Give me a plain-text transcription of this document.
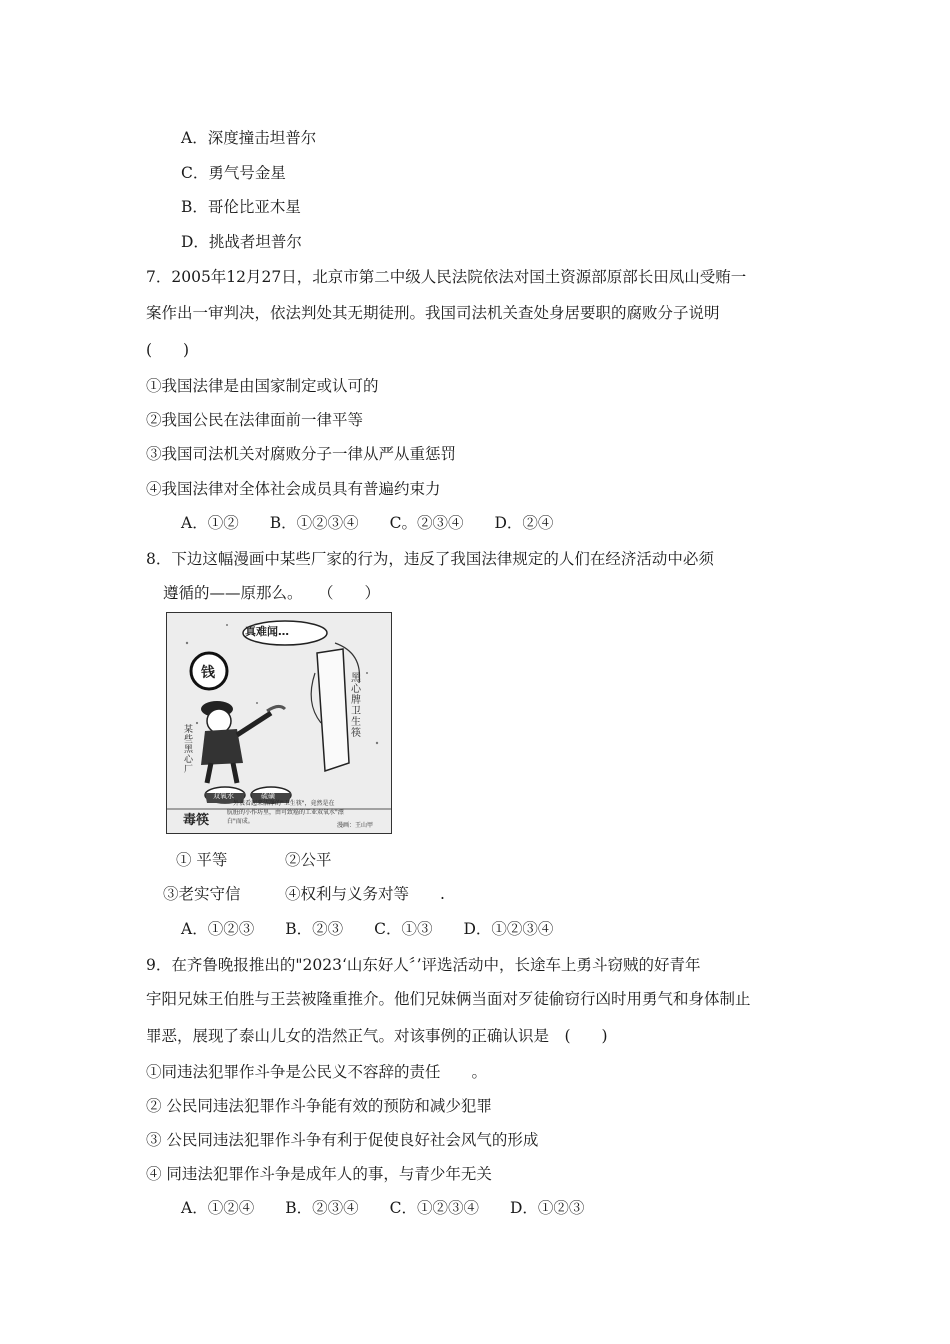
A．深度撞击坦普尔
C．勇气号金星
B．哥伦比亚木星
D．挑战者坦普尔
7．2005年12月27日，北京市第二中级人民法院依法对国土资源部原部长田凤山受贿一
案作出一审判决，依法判处其无期徒刑。我国司法机关查处身居要职的腐败分子说明
(　　)
①我国法律是由国家制定或认可的
②我国公民在法律面前一律平等
③我国司法机关对腐败分子一律从严从重惩罚
④我国法律对全体社会成员具有普遍约束力
A．①②　　B．①②③④　　C。②③④　　D．②④
8．下边这幅漫画中某些厂家的行为，违反了我国法律规定的人们在经济活动中必须
遵循的——原那么。　　（　　）
真难闻…
钱	黑心牌卫生筷
某些黑心厂
双氧水	硫磺
毒筷
外表看起来洁净的"卫生筷"，竟然是在
肮脏的小作坊里，由可致癌的工业双氧水"漂
白"而成。
漫画：王山甲
① 平等	②公平
③老实守信	④权利与义务对等　　.
A．①②③　　B．②③　　C．①③　　D．①②③④
9．在齐鲁晚报推出的"2023‘山东好人〞’评选活动中，长途车上勇斗窃贼的好青年
宇阳兄妹王伯胜与王芸被隆重推介。他们兄妹俩当面对歹徒偷窃行凶时用勇气和身体制止
罪恶，展现了泰山儿女的浩然正气。对该事例的正确认识是　(　　)
①同违法犯罪作斗争是公民义不容辞的责任　　。
② 公民同违法犯罪作斗争能有效的预防和减少犯罪
③ 公民同违法犯罪作斗争有利于促使良好社会风气的形成
④ 同违法犯罪作斗争是成年人的事，与青少年无关
A．①②④　　B．②③④　　C．①②③④　　D．①②③
